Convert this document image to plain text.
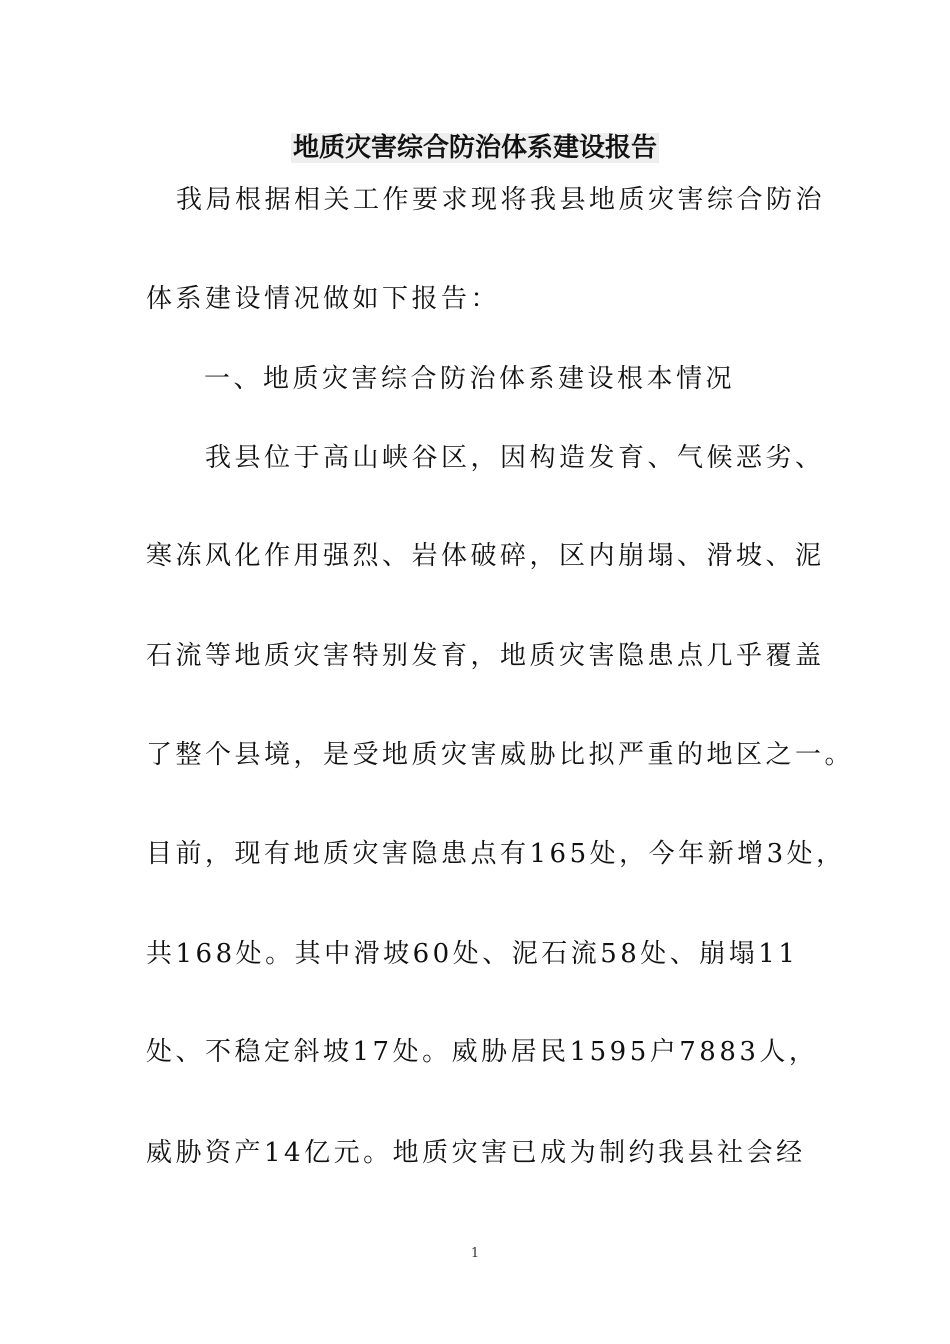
地质灾害综合防治体系建设报告
我局根据相关工作要求现将我县地质灾害综合防治
体系建设情况做如下报告：
一、地质灾害综合防治体系建设根本情况
我县位于高山峡谷区，因构造发育、气候恶劣、
寒冻风化作用强烈、岩体破碎，区内崩塌、滑坡、泥
石流等地质灾害特别发育，地质灾害隐患点几乎覆盖
了整个县境，是受地质灾害威胁比拟严重的地区之一。
目前，现有地质灾害隐患点有165处，今年新增3处，
共168处。其中滑坡60处、泥石流58处、崩塌11
处、不稳定斜坡17处。威胁居民1595户7883人，
威胁资产14亿元。地质灾害已成为制约我县社会经
1
